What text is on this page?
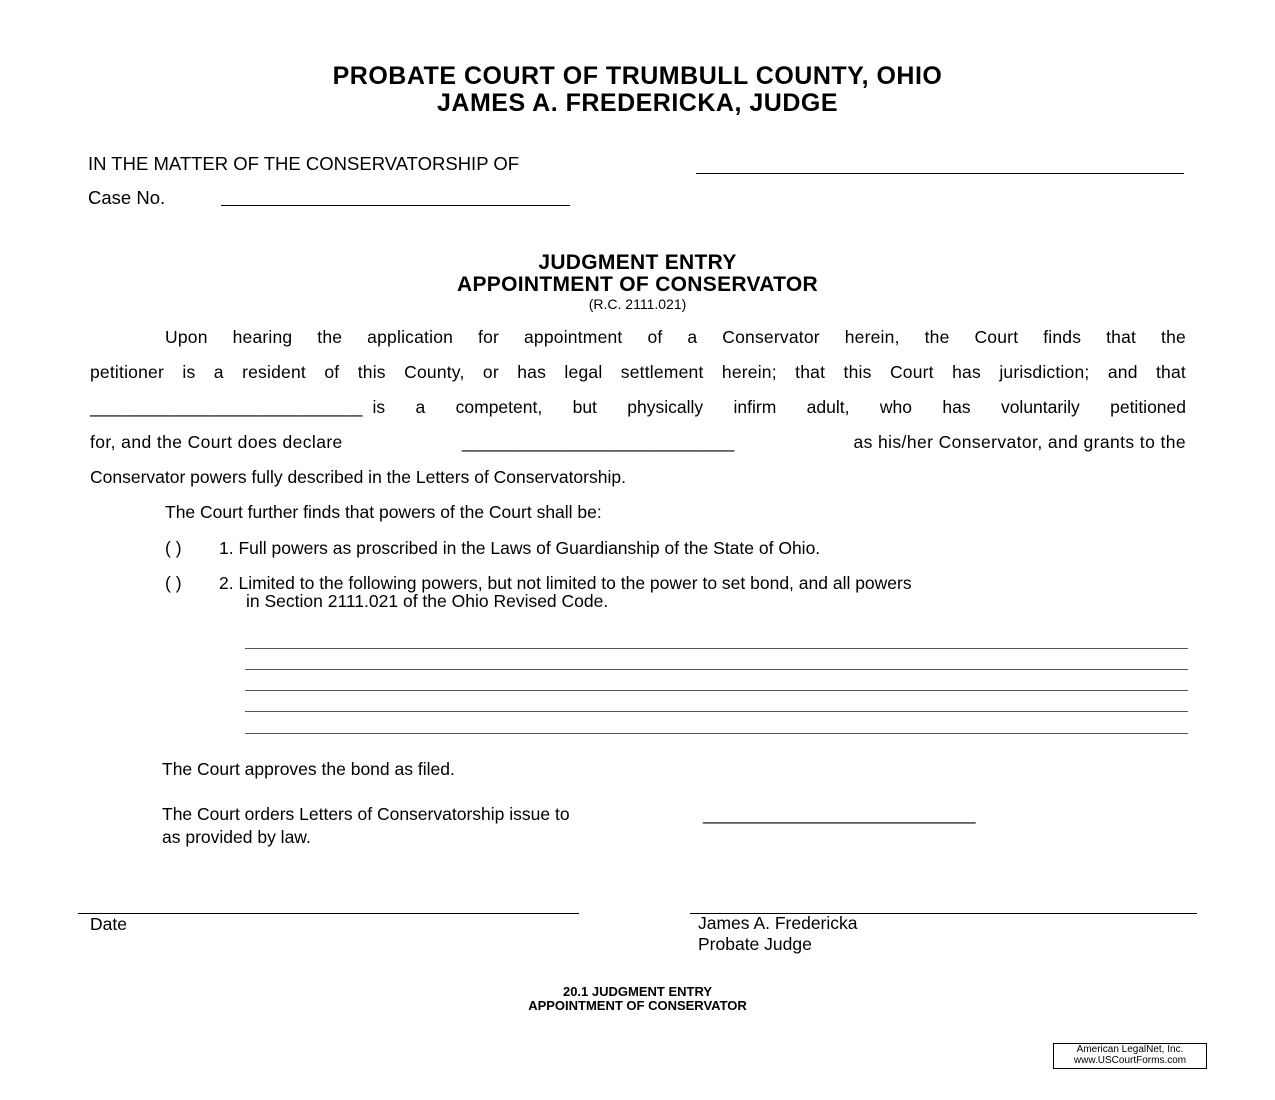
PROBATE COURT OF TRUMBULL COUNTY, OHIO
JAMES A. FREDERICKA, JUDGE
IN THE MATTER OF THE CONSERVATORSHIP OF
Case No.
JUDGMENT ENTRY
APPOINTMENT OF CONSERVATOR
(R.C. 2111.021)
Upon hearing the application for appointment of a Conservator herein, the Court finds that the
petitioner is a resident of this County, or has legal settlement herein; that this Court has jurisdiction; and that
____________________________ is a competent, but physically infirm adult, who has voluntarily petitioned
for, and the Court does declare	____________________________	as his/her Conservator, and grants to the
Conservator powers fully described in the Letters of Conservatorship.
The Court further finds that powers of the Court shall be:
( ) 1. Full powers as proscribed in the Laws of Guardianship of the State of Ohio.
( ) 2. Limited to the following powers, but not limited to the power to set bond, and all powers
in Section 2111.021 of the Ohio Revised Code.
The Court approves the bond as filed.
The Court orders Letters of Conservatorship issue to	____________________________
as provided by law.
Date	James A. Fredericka
Probate Judge
20.1 JUDGMENT ENTRY
APPOINTMENT OF CONSERVATOR
American LegalNet, Inc.
www.USCourtForms.com
